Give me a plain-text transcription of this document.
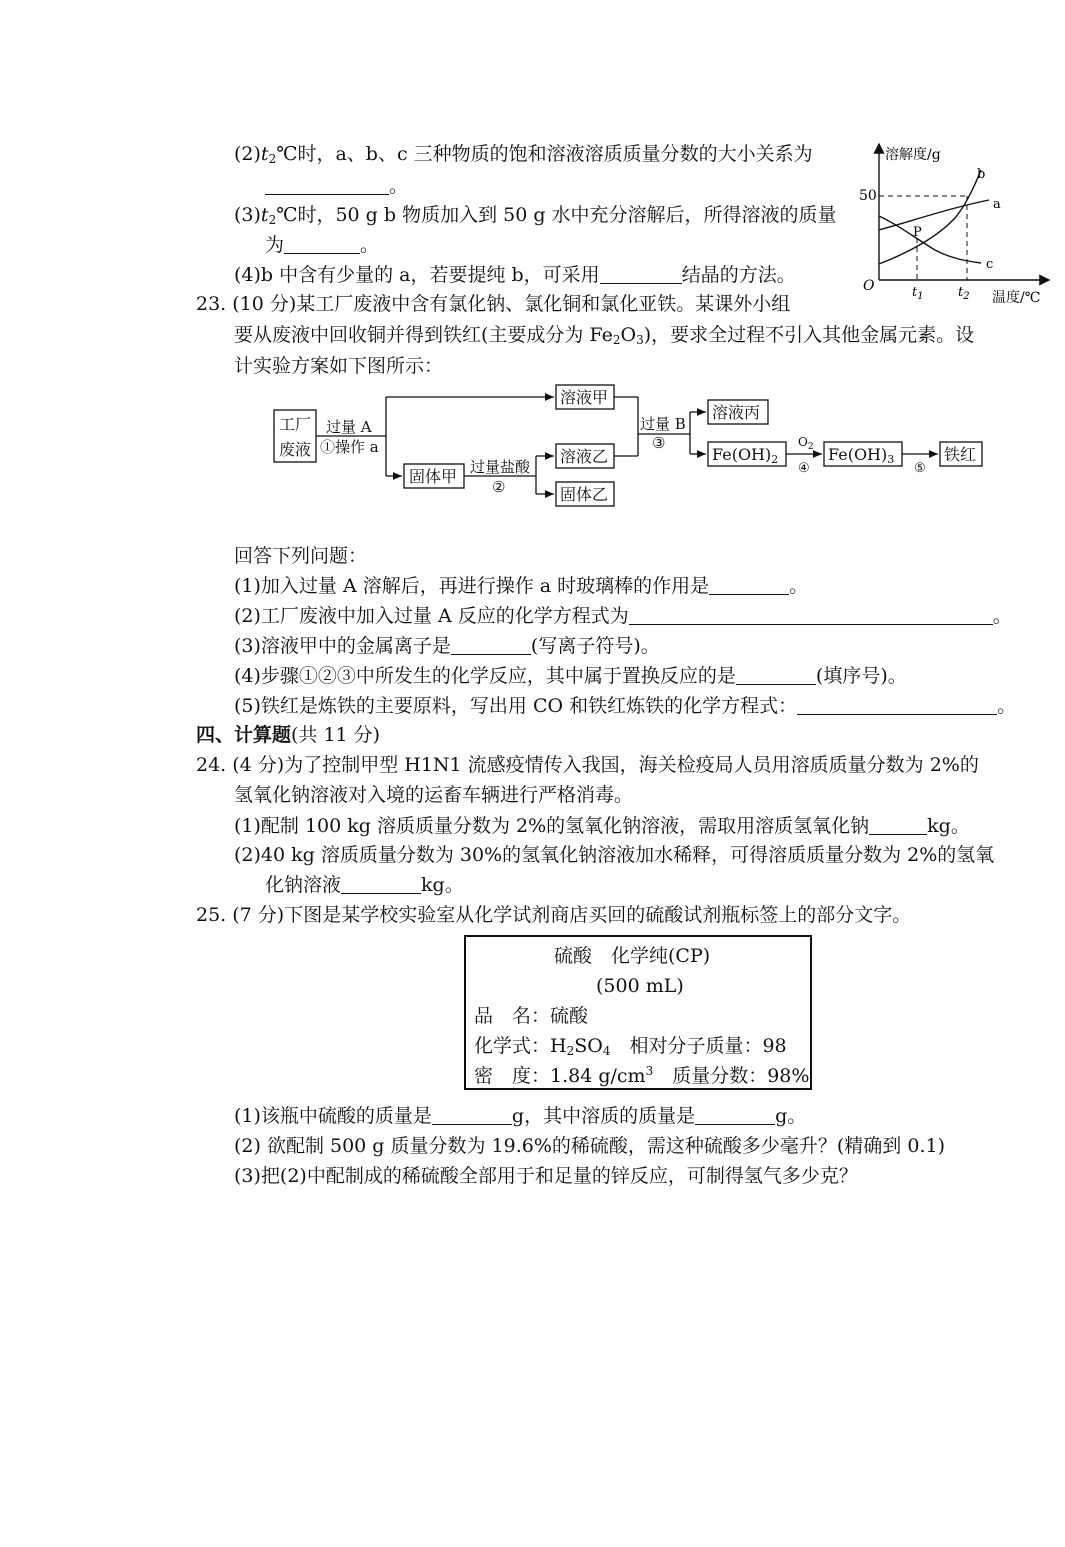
$(2)t_2℃$时，a、b、c 三种物质的饱和溶液溶质质量分数的大小关系为
。
$(3)t_2℃$时，50 g b 物质加入到 50 g 水中充分溶解后，所得溶液的质量
为	。
(4)b 中含有少量的 a，若要提纯 b，可采用	结晶的方法。
溶解度/g
温度/℃
O
50
$t_1$	$t_2$
b
a
c
P
23. (10 分)某工厂废液中含有氯化钠、氯化铜和氯化亚铁。某课外小组
要从废液中回收铜并得到铁红(主要成分为 $Fe_2O_3$)，要求全过程不引入其他金属元素。设
计实验方案如下图所示：
工厂
废液
过量 A
①操作 a
溶液甲
固体甲 过量盐酸
②
溶液乙
固体乙
过量 B
③
溶液丙
Fe(OH)2
$O_2$
④
Fe(OH)3
⑤
铁红
回答下列问题：
(1)加入过量 A 溶解后，再进行操作 a 时玻璃棒的作用是	。
(2)工厂废液中加入过量 A 反应的化学方程式为	。
(3)溶液甲中的金属离子是	(写离子符号)。
(4)步骤①②③中所发生的化学反应，其中属于置换反应的是	(填序号)。
(5)铁红是炼铁的主要原料，写出用 CO 和铁红炼铁的化学方程式：	。
四、计算题(共 11 分)
24. (4 分)为了控制甲型 H1N1 流感疫情传入我国，海关检疫局人员用溶质质量分数为 2%的
氢氧化钠溶液对入境的运畜车辆进行严格消毒。
(1)配制 100 kg 溶质质量分数为 2%的氢氧化钠溶液，需取用溶质氢氧化钠	kg。
(2)40 kg 溶质质量分数为 30%的氢氧化钠溶液加水稀释，可得溶质质量分数为 2%的氢氧
化钠溶液	kg。
25. (7 分)下图是某学校实验室从化学试剂商店买回的硫酸试剂瓶标签上的部分文字。
硫酸　化学纯(CP)
(500 mL)
品　名：硫酸
化学式：$H_2SO_4$　相对分子质量：98
密　度：1.84 $g/cm^3$　质量分数：98%
(1)该瓶中硫酸的质量是	g，其中溶质的质量是	g。
(2) 欲配制 500 g 质量分数为 19.6%的稀硫酸，需这种硫酸多少毫升？(精确到 0.1)
(3)把(2)中配制成的稀硫酸全部用于和足量的锌反应，可制得氢气多少克？
